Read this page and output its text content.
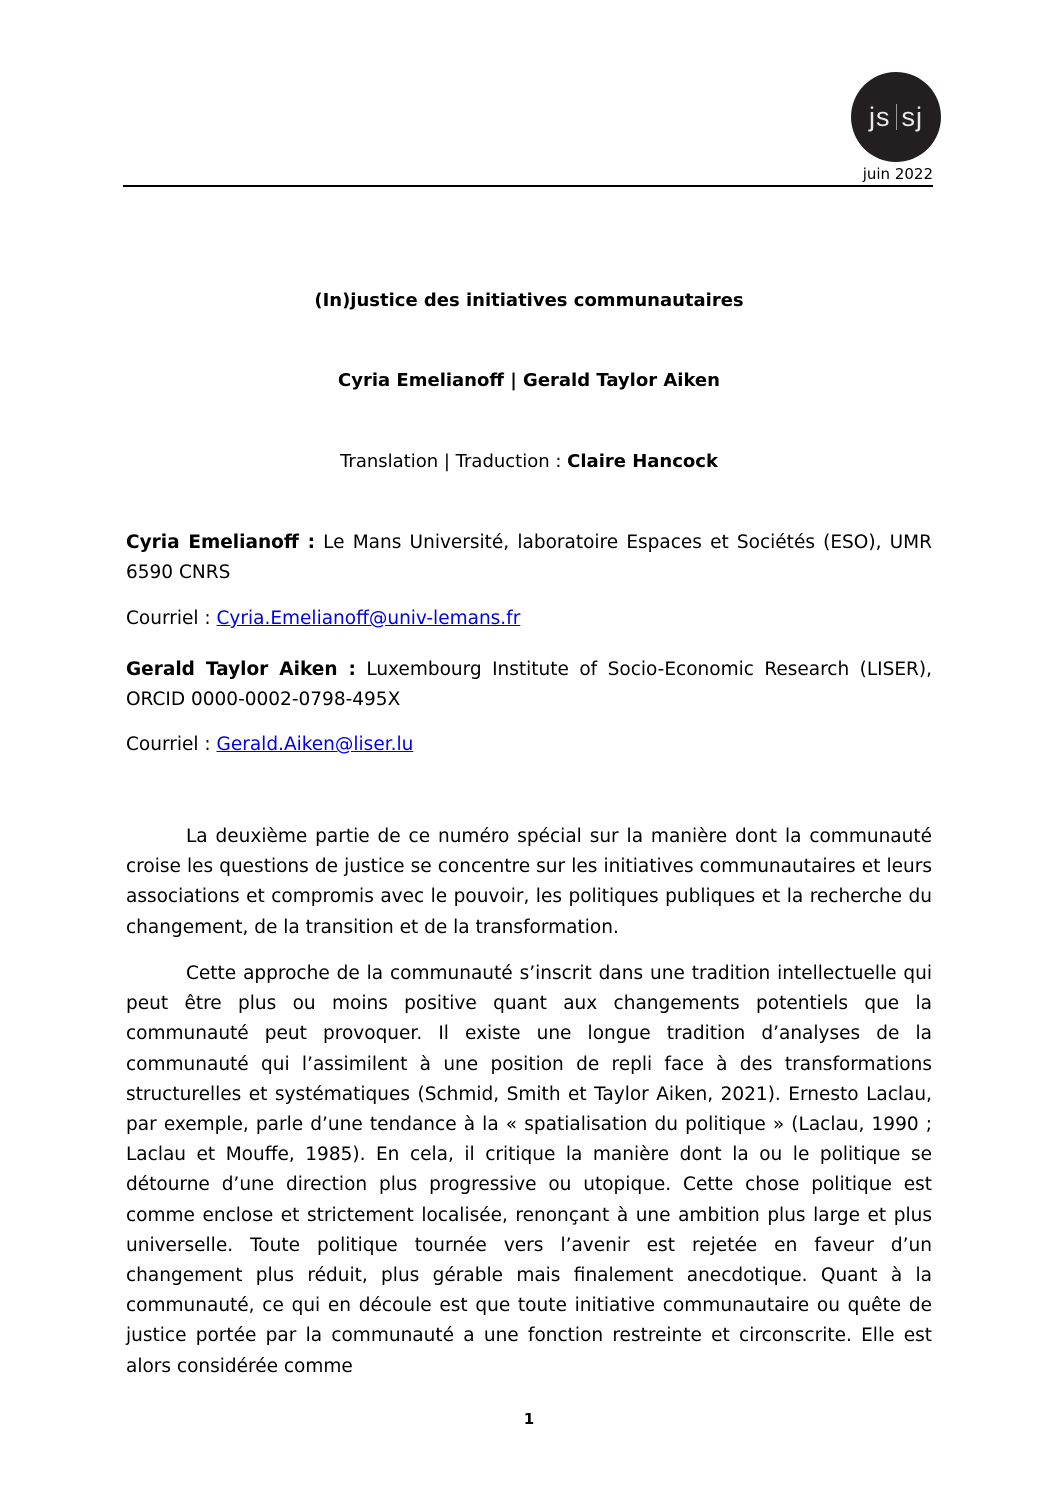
js sj
juin 2022
(In)justice des initiatives communautaires
Cyria Emelianoff | Gerald Taylor Aiken
Translation | Traduction : Claire Hancock
Cyria Emelianoff : Le Mans Université, laboratoire Espaces et Sociétés (ESO), UMR 6590 CNRS
Courriel : Cyria.Emelianoff@univ-lemans.fr
Gerald Taylor Aiken : Luxembourg Institute of Socio-Economic Research (LISER), ORCID 0000-0002-0798-495X
Courriel : Gerald.Aiken@liser.lu
La deuxième partie de ce numéro spécial sur la manière dont la communauté croise les questions de justice se concentre sur les initiatives communautaires et leurs associations et compromis avec le pouvoir, les politiques publiques et la recherche du changement, de la transition et de la transformation.
Cette approche de la communauté s’inscrit dans une tradition intellectuelle qui peut être plus ou moins positive quant aux changements potentiels que la communauté peut provoquer. Il existe une longue tradition d’analyses de la communauté qui l’assimilent à une position de repli face à des transformations structurelles et systématiques (Schmid, Smith et Taylor Aiken, 2021). Ernesto Laclau, par exemple, parle d’une tendance à la « spatialisation du politique » (Laclau, 1990 ; Laclau et Mouffe, 1985). En cela, il critique la manière dont la ou le politique se détourne d’une direction plus progressive ou utopique. Cette chose politique est comme enclose et strictement localisée, renonçant à une ambition plus large et plus universelle. Toute politique tournée vers l’avenir est rejetée en faveur d’un changement plus réduit, plus gérable mais finalement anecdotique. Quant à la communauté, ce qui en découle est que toute initiative communautaire ou quête de justice portée par la communauté a une fonction restreinte et circonscrite. Elle est alors considérée comme
1
